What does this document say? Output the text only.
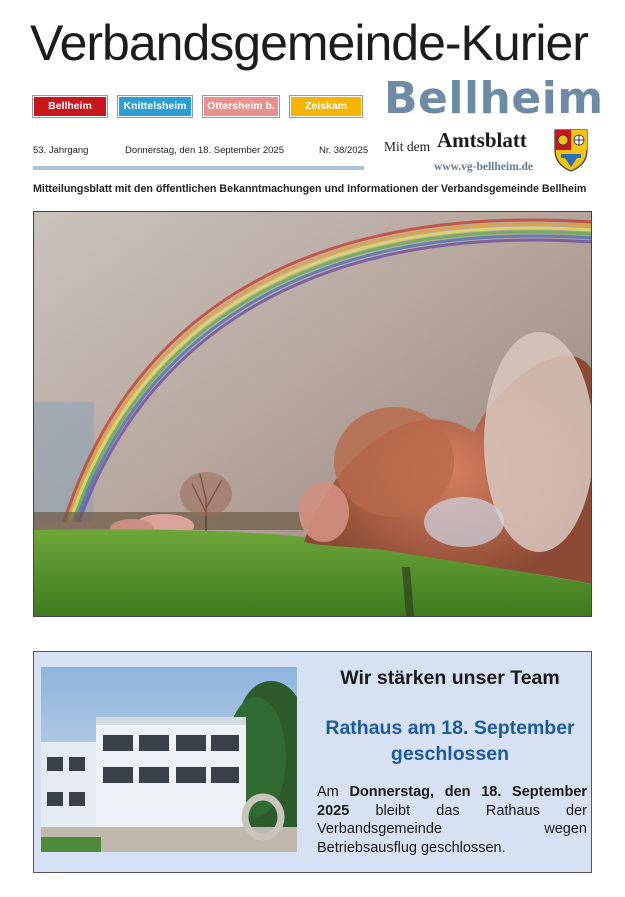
Verbandsgemeinde-Kurier
Bellheim	Knittelsheim	Ottersheim b. L.
Zeiskam Bellheim
53. Jahrgang	Donnerstag, den 18. September 2025	Nr. 38/2025 Mit dem Amtsblatt
www.vg-bellheim.de
Mitteilungsblatt mit den öffentlichen Bekanntmachungen und Informationen der Verbandsgemeinde Bellheim
Wir stärken unser Team
Rathaus am 18. September geschlossen
Am Donnerstag, den 18. September 2025 bleibt das Rathaus der Verbandsgemeinde wegen Betriebsausflug geschlossen.
